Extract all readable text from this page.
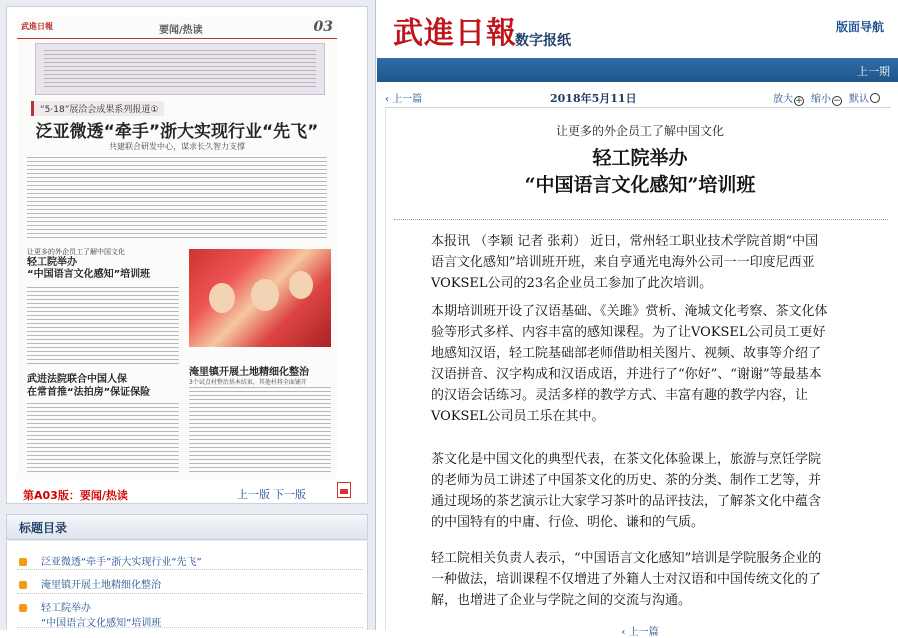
武進日報	要闻/热读	03
“5·18”展洽会成果系列报道①
泛亚微透“牵手”浙大实现行业“先飞”
共建联合研发中心，谋求长久智力支撑
让更多的外企员工了解中国文化
轻工院举办
“中国语言文化感知”培训班
淹里镇开展土地精细化整治
3个试点村整治基本结束，其他村将全面铺开
武进法院联合中国人保
在常首推“法拍房”保证保险
第A03版：要闻/热读	上一版 下一版
标题目录
泛亚微透“牵手”浙大实现行业“先飞”
淹里镇开展土地精细化整治
轻工院举办
“中国语言文化感知”培训班
武進日報
数字报纸
版面导航
上一期
‹ 上一篇	2018年5月11日	放大 + 缩小 − 默认
让更多的外企员工了解中国文化
轻工院举办
“中国语言文化感知”培训班

本报讯 （李颖 记者 张莉） 近日，常州轻工职业技术学院首期“中国语言文化感知”培训班开班，来自亨通光电海外公司一一印度尼西亚VOKSEL公司的23名企业员工参加了此次培训。

本期培训班开设了汉语基础、《关雎》赏析、淹城文化考察、茶文化体验等形式多样、内容丰富的感知课程。为了让VOKSEL公司员工更好地感知汉语，轻工院基础部老师借助相关图片、视频、故事等介绍了汉语拼音、汉字构成和汉语成语，并进行了“你好”、“谢谢”等最基本的汉语会话练习。灵活多样的教学方式、丰富有趣的教学内容，让VOKSEL公司员工乐在其中。

茶文化是中国文化的典型代表，在茶文化体验课上，旅游与烹饪学院的老师为员工讲述了中国茶文化的历史、茶的分类、制作工艺等，并通过现场的茶艺演示让大家学习茶叶的品评技法，了解茶文化中蕴含的中国特有的中庸、行俭、明伦、谦和的气质。

轻工院相关负责人表示，“中国语言文化感知”培训是学院服务企业的一种做法，培训课程不仅增进了外籍人士对汉语和中国传统文化的了解，也增进了企业与学院之间的交流与沟通。

‹ 上一篇
